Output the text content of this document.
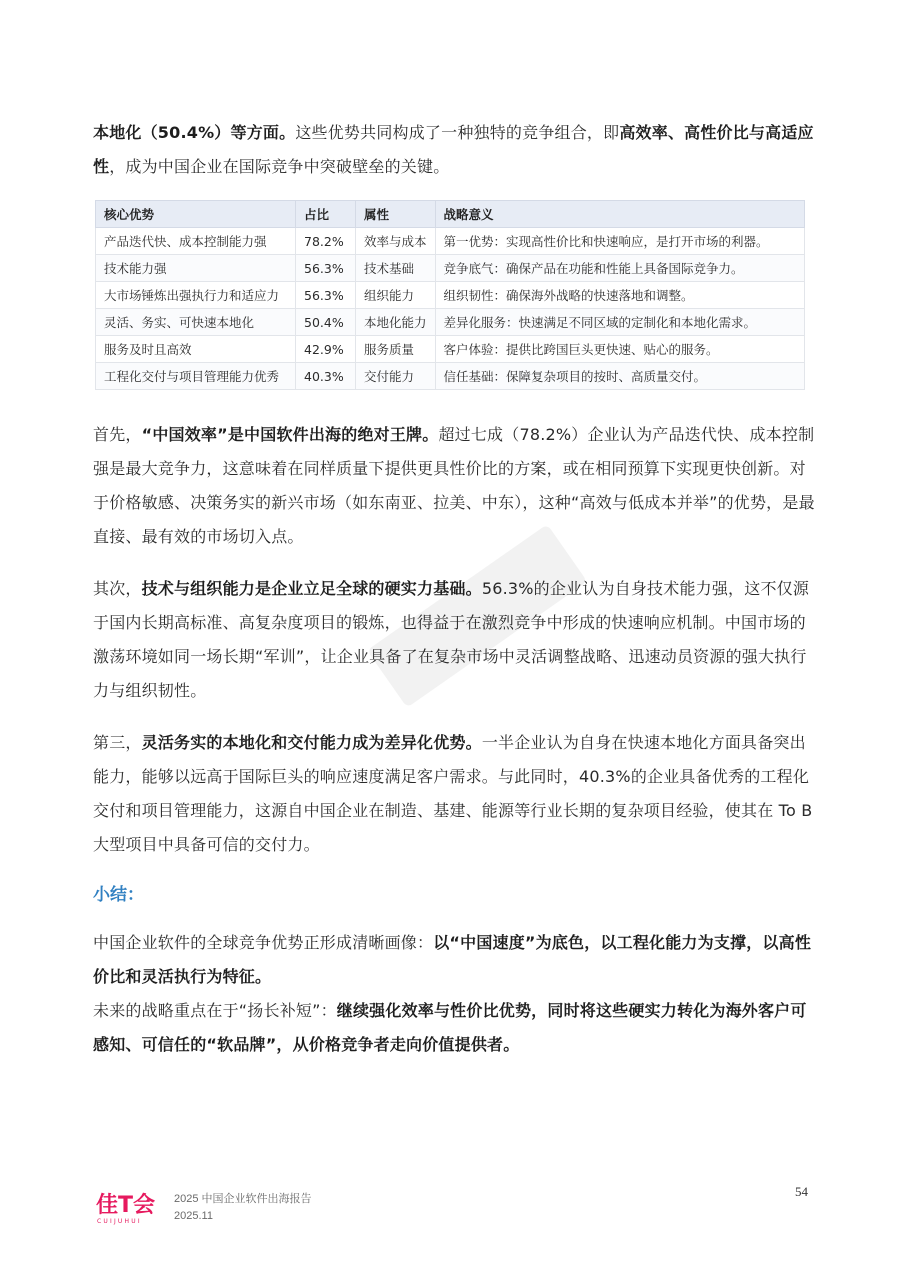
本地化（50.4%）等方面。这些优势共同构成了一种独特的竞争组合，即高效率、高性价比与高适应性，成为中国企业在国际竞争中突破壁垒的关键。

核心优势	占比	属性	战略意义
产品迭代快、成本控制能力强	78.2%	效率与成本	第一优势：实现高性价比和快速响应，是打开市场的利器。
技术能力强	56.3%	技术基础	竞争底气：确保产品在功能和性能上具备国际竞争力。
大市场锤炼出强执行力和适应力	56.3%	组织能力	组织韧性：确保海外战略的快速落地和调整。
灵活、务实、可快速本地化	50.4%	本地化能力	差异化服务：快速满足不同区域的定制化和本地化需求。
服务及时且高效	42.9%	服务质量	客户体验：提供比跨国巨头更快速、贴心的服务。
工程化交付与项目管理能力优秀	40.3%	交付能力	信任基础：保障复杂项目的按时、高质量交付。

首先，“中国效率”是中国软件出海的绝对王牌。超过七成（78.2%）企业认为产品迭代快、成本控制强是最大竞争力，这意味着在同样质量下提供更具性价比的方案，或在相同预算下实现更快创新。对于价格敏感、决策务实的新兴市场（如东南亚、拉美、中东），这种“高效与低成本并举”的优势，是最直接、最有效的市场切入点。

其次，技术与组织能力是企业立足全球的硬实力基础。56.3%的企业认为自身技术能力强，这不仅源于国内长期高标准、高复杂度项目的锻炼，也得益于在激烈竞争中形成的快速响应机制。中国市场的激荡环境如同一场长期“军训”，让企业具备了在复杂市场中灵活调整战略、迅速动员资源的强大执行力与组织韧性。

第三，灵活务实的本地化和交付能力成为差异化优势。一半企业认为自身在快速本地化方面具备突出能力，能够以远高于国际巨头的响应速度满足客户需求。与此同时，40.3%的企业具备优秀的工程化交付和项目管理能力，这源自中国企业在制造、基建、能源等行业长期的复杂项目经验，使其在 To B 大型项目中具备可信的交付力。

小结：

中国企业软件的全球竞争优势正形成清晰画像：以“中国速度”为底色，以工程化能力为支撑，以高性价比和灵活执行为特征。

未来的战略重点在于“扬长补短”：继续强化效率与性价比优势，同时将这些硬实力转化为海外客户可感知、可信任的“软品牌”，从价格竞争者走向价值提供者。

佳T会
CUIJUHUI
2025 中国企业软件出海报告
2025.11
54
